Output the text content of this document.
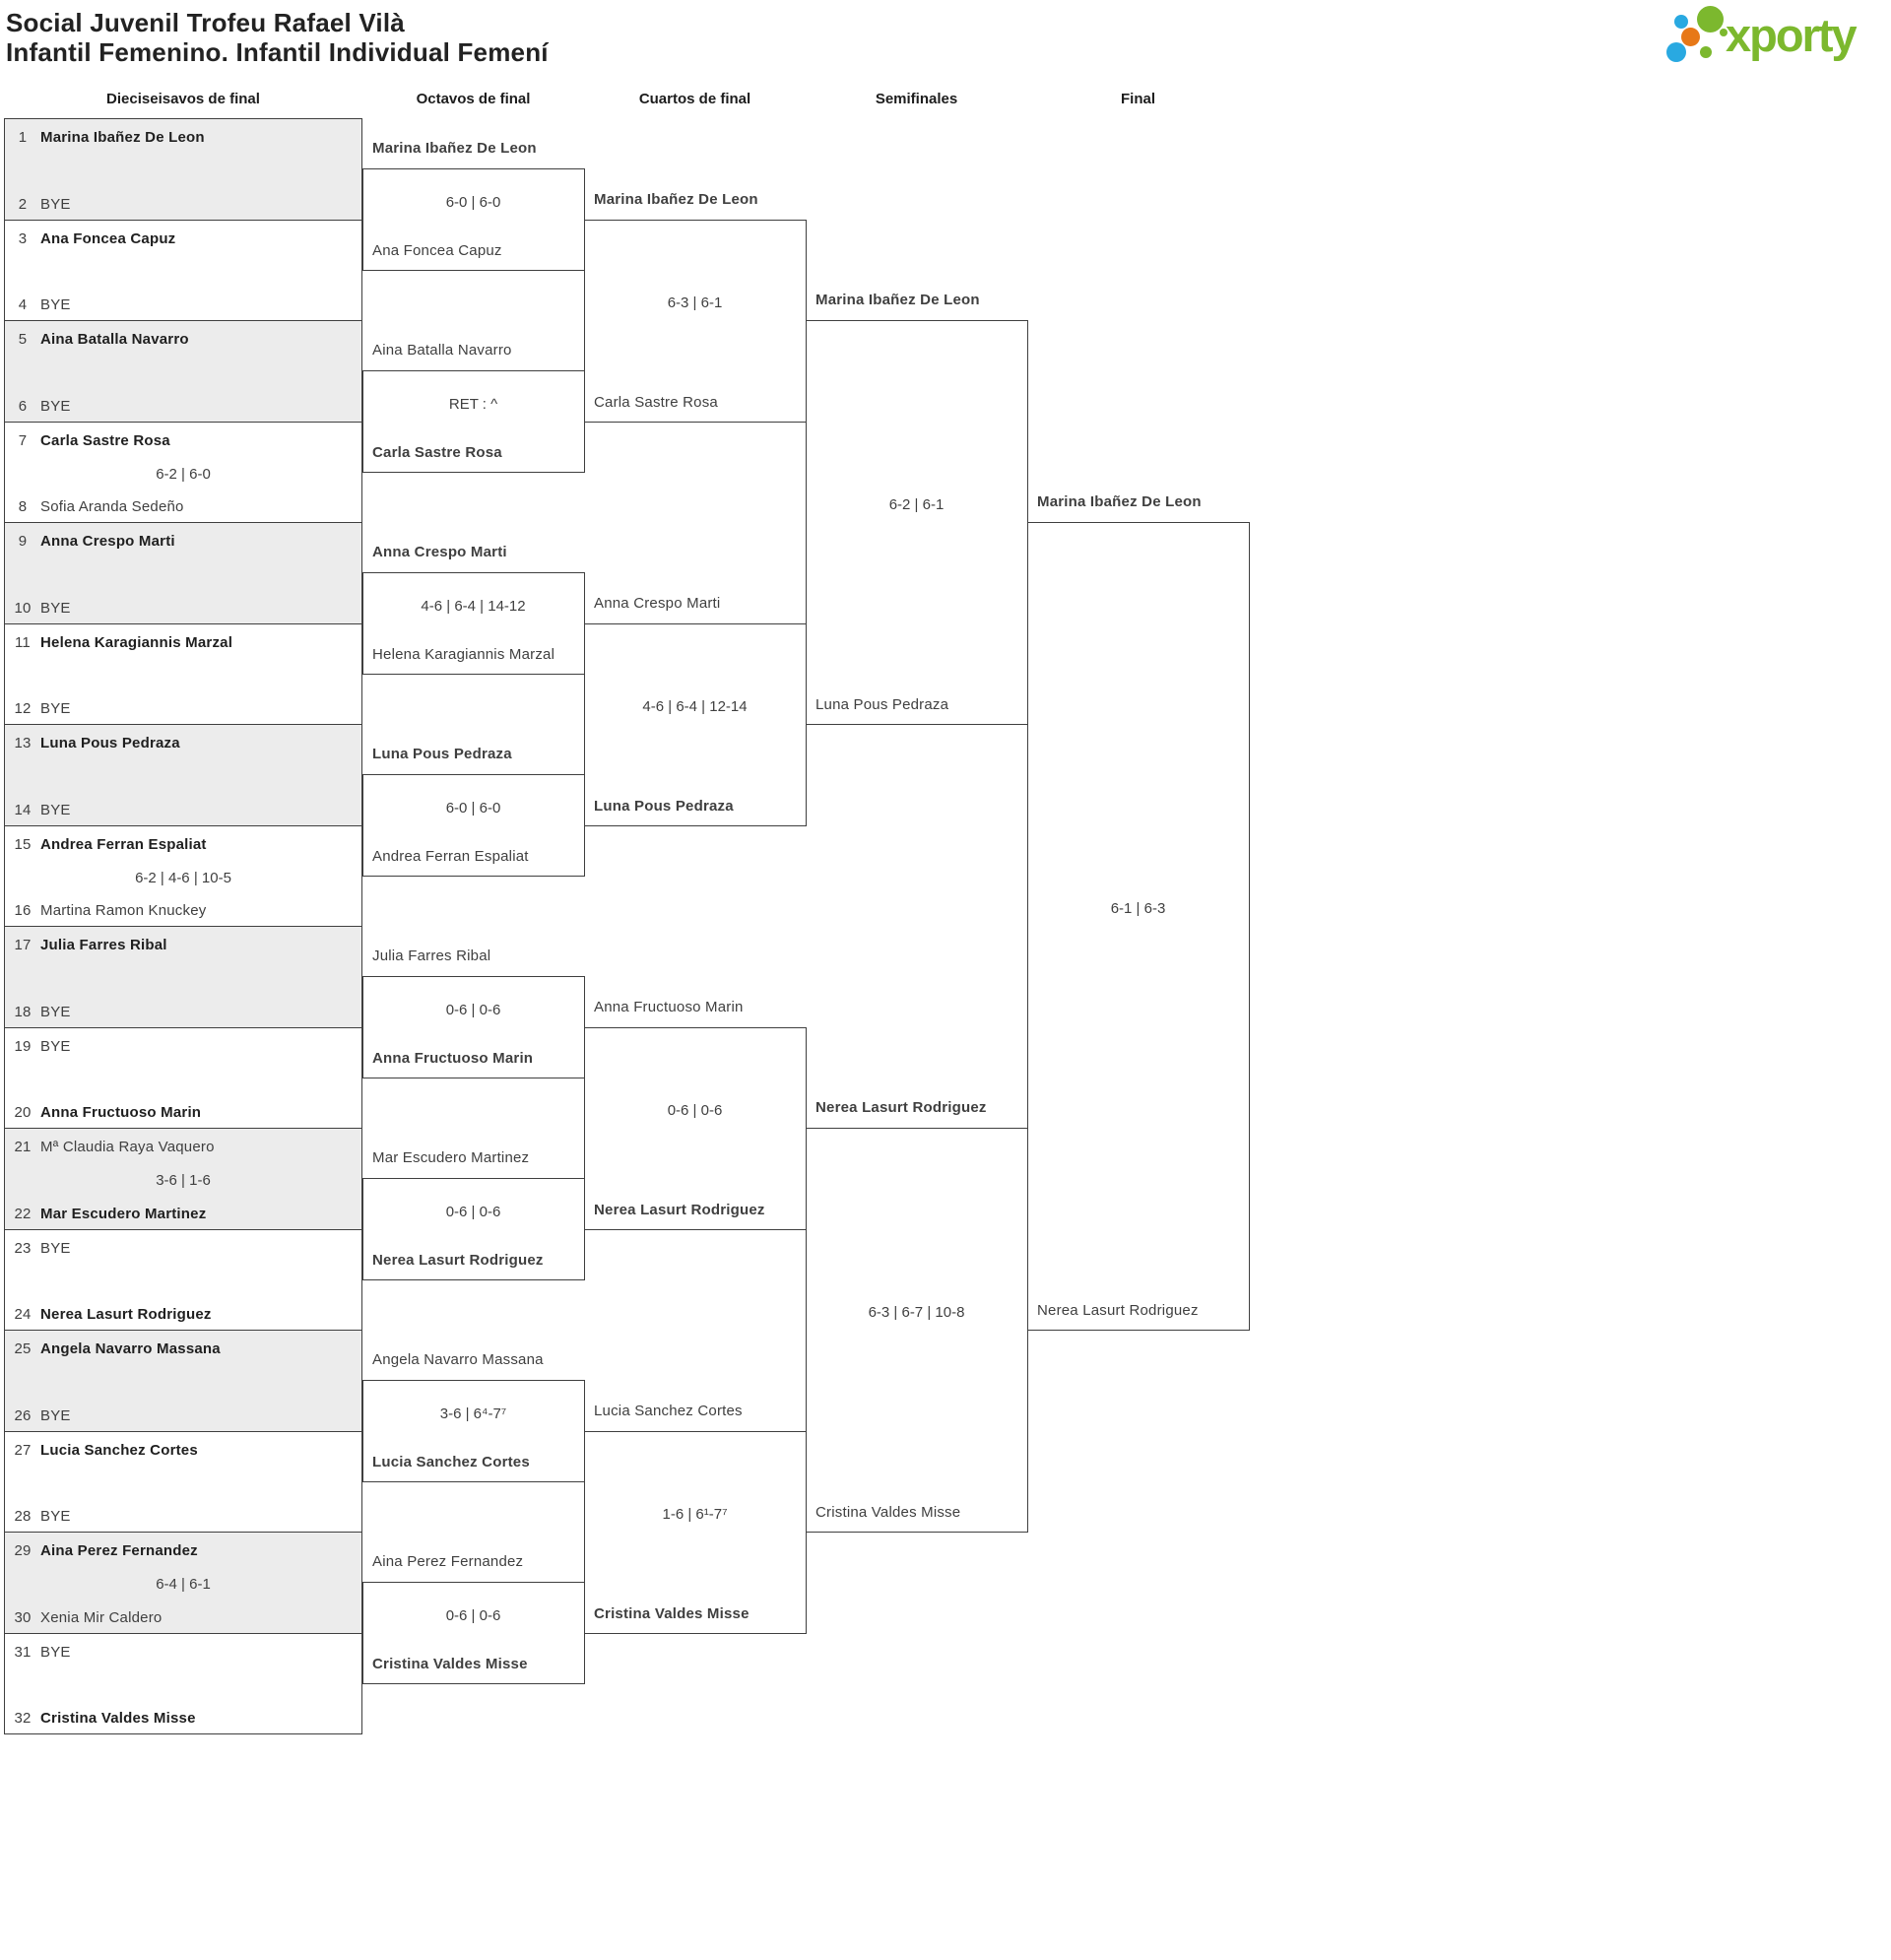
Social Juvenil Trofeu Rafael Vilà
Infantil Femenino. Infantil Individual Femení	xporty
Dieciseisavos de final
1 Marina Ibañez De Leon
2 BYE
3 Ana Foncea Capuz
4 BYE
5 Aina Batalla Navarro
6 BYE
7 Carla Sastre Rosa
8 Sofia Aranda Sedeño
6-2 | 6-0
9 Anna Crespo Marti
10 BYE
11 Helena Karagiannis Marzal
12 BYE
13 Luna Pous Pedraza
14 BYE
15 Andrea Ferran Espaliat
16 Martina Ramon Knuckey
6-2 | 4-6 | 10-5
17 Julia Farres Ribal
18 BYE
19 BYE
20 Anna Fructuoso Marin
21 Mª Claudia Raya Vaquero
22 Mar Escudero Martinez
3-6 | 1-6
23 BYE
24 Nerea Lasurt Rodriguez
25 Angela Navarro Massana
26 BYE
27 Lucia Sanchez Cortes
28 BYE
29 Aina Perez Fernandez
30 Xenia Mir Caldero
6-4 | 6-1
31 BYE
32 Cristina Valdes Misse
Octavos de final
Marina Ibañez De Leon
Ana Foncea Capuz
6-0 | 6-0
Aina Batalla Navarro
Carla Sastre Rosa
RET : ^
Anna Crespo Marti
Helena Karagiannis Marzal
4-6 | 6-4 | 14-12
Luna Pous Pedraza
Andrea Ferran Espaliat
6-0 | 6-0
Julia Farres Ribal
Anna Fructuoso Marin
0-6 | 0-6
Mar Escudero Martinez
Nerea Lasurt Rodriguez
0-6 | 0-6
Angela Navarro Massana
Lucia Sanchez Cortes
3-6 | 6⁴-7⁷
Aina Perez Fernandez
Cristina Valdes Misse
0-6 | 0-6
Cuartos de final
Marina Ibañez De Leon
Carla Sastre Rosa
6-3 | 6-1
Anna Crespo Marti
Luna Pous Pedraza
4-6 | 6-4 | 12-14
Anna Fructuoso Marin
Nerea Lasurt Rodriguez
0-6 | 0-6
Lucia Sanchez Cortes
Cristina Valdes Misse
1-6 | 6¹-7⁷
Semifinales
Marina Ibañez De Leon
Luna Pous Pedraza
6-2 | 6-1
Nerea Lasurt Rodriguez
Cristina Valdes Misse
6-3 | 6-7 | 10-8
Final
Marina Ibañez De Leon
Nerea Lasurt Rodriguez
6-1 | 6-3
